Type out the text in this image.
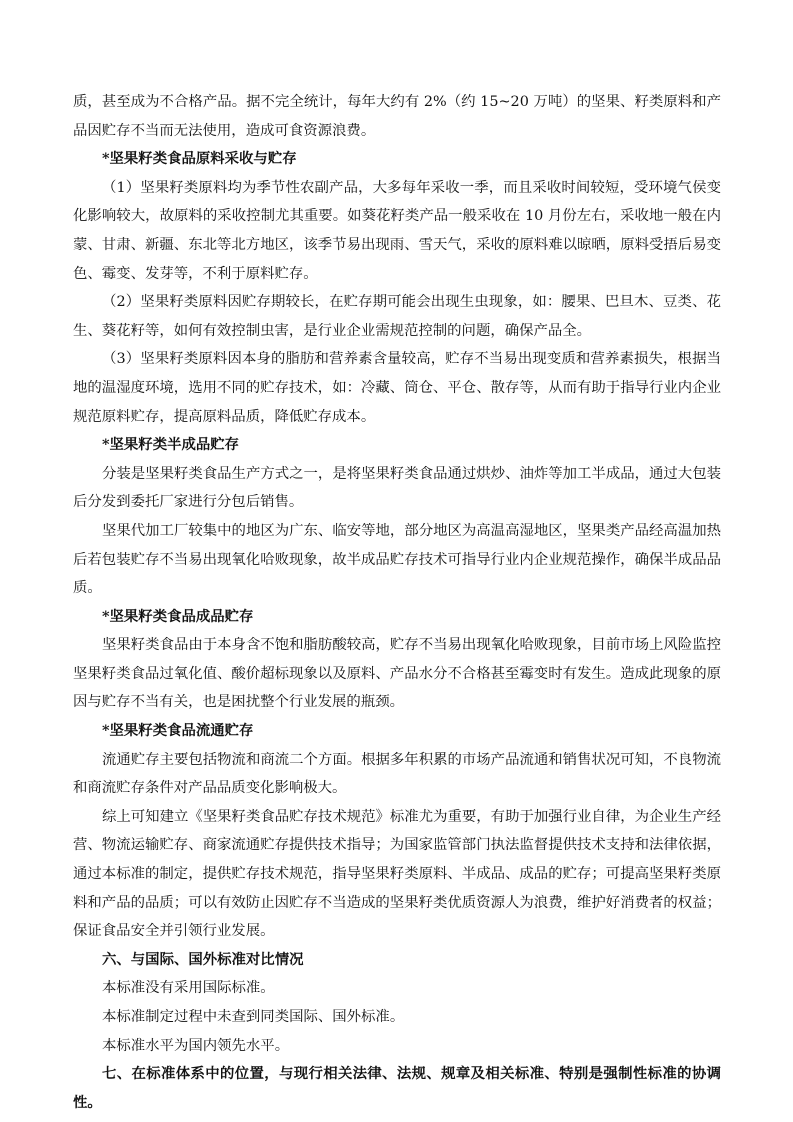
质，甚至成为不合格产品。据不完全统计，每年大约有 2%（约 15~20 万吨）的坚果、籽类原料和产品因贮存不当而无法使用，造成可食资源浪费。

*坚果籽类食品原料采收与贮存

（1）坚果籽类原料均为季节性农副产品，大多每年采收一季，而且采收时间较短，受环境气侯变化影响较大，故原料的采收控制尤其重要。如葵花籽类产品一般采收在 10 月份左右，采收地一般在内蒙、甘肃、新疆、东北等北方地区，该季节易出现雨、雪天气，采收的原料难以晾晒，原料受捂后易变色、霉变、发芽等，不利于原料贮存。

（2）坚果籽类原料因贮存期较长，在贮存期可能会出现生虫现象，如：腰果、巴旦木、豆类、花生、葵花籽等，如何有效控制虫害，是行业企业需规范控制的问题，确保产品全。

（3）坚果籽类原料因本身的脂肪和营养素含量较高，贮存不当易出现变质和营养素损失，根据当地的温湿度环境，选用不同的贮存技术，如：冷藏、筒仓、平仓、散存等，从而有助于指导行业内企业规范原料贮存，提高原料品质，降低贮存成本。

*坚果籽类半成品贮存

分装是坚果籽类食品生产方式之一，是将坚果籽类食品通过烘炒、油炸等加工半成品，通过大包装后分发到委托厂家进行分包后销售。

坚果代加工厂较集中的地区为广东、临安等地，部分地区为高温高湿地区，坚果类产品经高温加热后若包装贮存不当易出现氧化哈败现象，故半成品贮存技术可指导行业内企业规范操作，确保半成品品质。

*坚果籽类食品成品贮存

坚果籽类食品由于本身含不饱和脂肪酸较高，贮存不当易出现氧化哈败现象，目前市场上风险监控坚果籽类食品过氧化值、酸价超标现象以及原料、产品水分不合格甚至霉变时有发生。造成此现象的原因与贮存不当有关，也是困扰整个行业发展的瓶颈。

*坚果籽类食品流通贮存

流通贮存主要包括物流和商流二个方面。根据多年积累的市场产品流通和销售状况可知，不良物流和商流贮存条件对产品品质变化影响极大。

综上可知建立《坚果籽类食品贮存技术规范》标准尤为重要，有助于加强行业自律，为企业生产经营、物流运输贮存、商家流通贮存提供技术指导；为国家监管部门执法监督提供技术支持和法律依据，通过本标准的制定，提供贮存技术规范，指导坚果籽类原料、半成品、成品的贮存；可提高坚果籽类原料和产品的品质；可以有效防止因贮存不当造成的坚果籽类优质资源人为浪费，维护好消费者的权益；保证食品安全并引领行业发展。

六、与国际、国外标准对比情况

本标准没有采用国际标准。

本标准制定过程中未查到同类国际、国外标准。

本标准水平为国内领先水平。

七、在标准体系中的位置，与现行相关法律、法规、规章及相关标准、特别是强制性标准的协调性。
